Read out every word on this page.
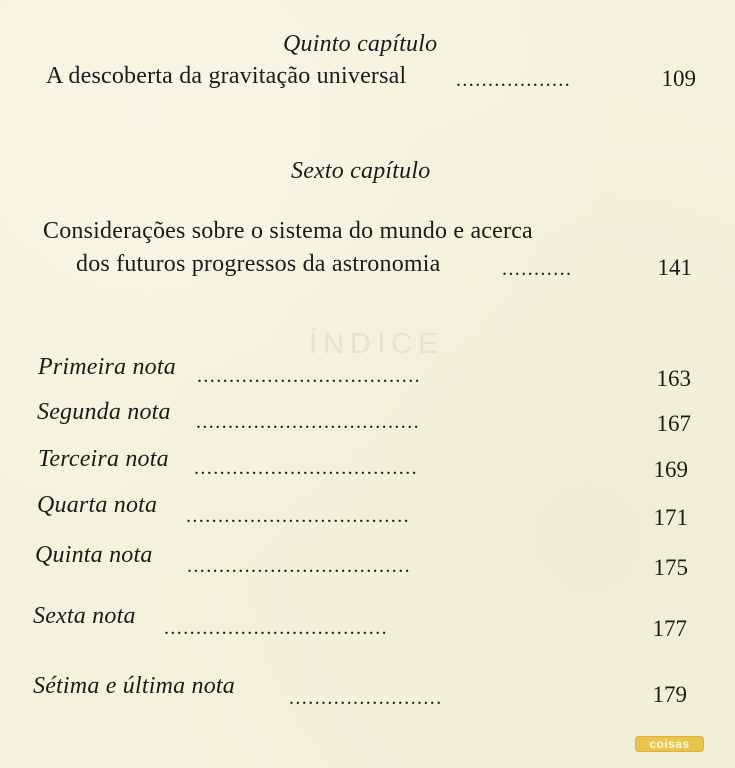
ÍNDICE
Quinto capítulo
A descoberta da gravitação universal ..................	109
Sexto capítulo
Considerações sobre o sistema do mundo e acerca
dos futuros progressos da astronomia	...........	141
Primeira nota ...................................	163
Segunda nota ...................................	167
Terceira nota ...................................	169
Quarta nota ...................................	171
Quinta nota ...................................	175
Sexta nota ...................................	177
Sétima e última nota	........................	179
coisas
